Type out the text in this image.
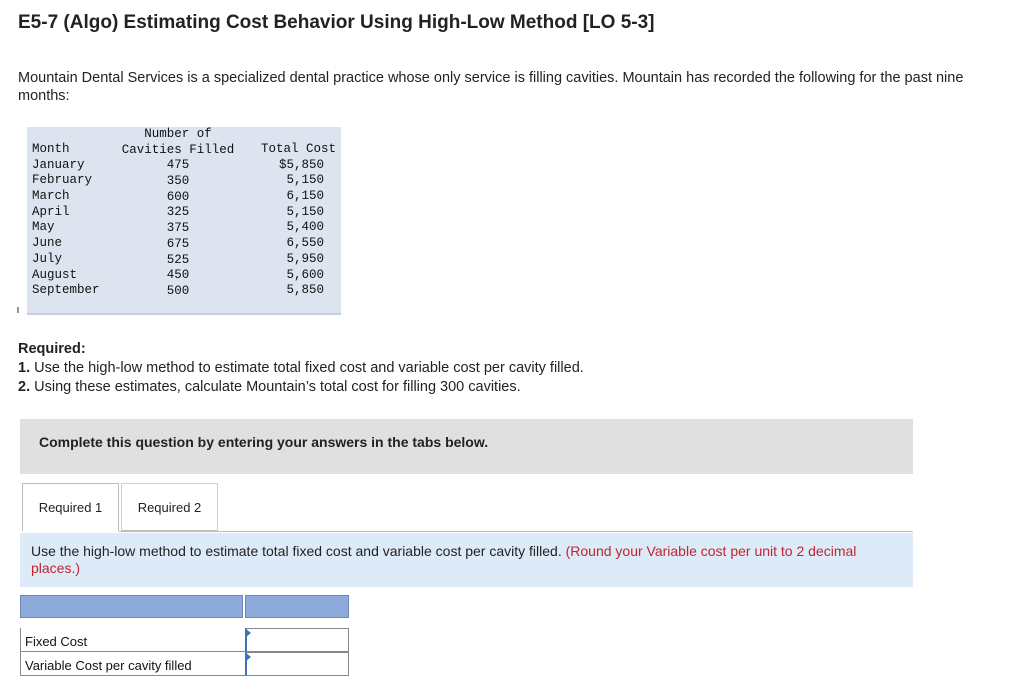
E5-7 (Algo) Estimating Cost Behavior Using High-Low Method [LO 5-3]

Mountain Dental Services is a specialized dental practice whose only service is filling cavities. Mountain has recorded the following for the past nine months:

Month
January
February
March
April
May
June
July
August
September
Number of
Cavities Filled
475
350
600
325
375
675
525
450
500
Total Cost
$5,850
5,150
6,150
5,150
5,400
6,550
5,950
5,600
5,850
Required:
1. Use the high-low method to estimate total fixed cost and variable cost per cavity filled.
2. Using these estimates, calculate Mountain’s total cost for filling 300 cavities.
Complete this question by entering your answers in the tabs below.
Required 1	Required 2
Use the high-low method to estimate total fixed cost and variable cost per cavity filled. (Round your Variable cost per unit to 2 decimal places.)
Fixed Cost
Variable Cost per cavity filled
